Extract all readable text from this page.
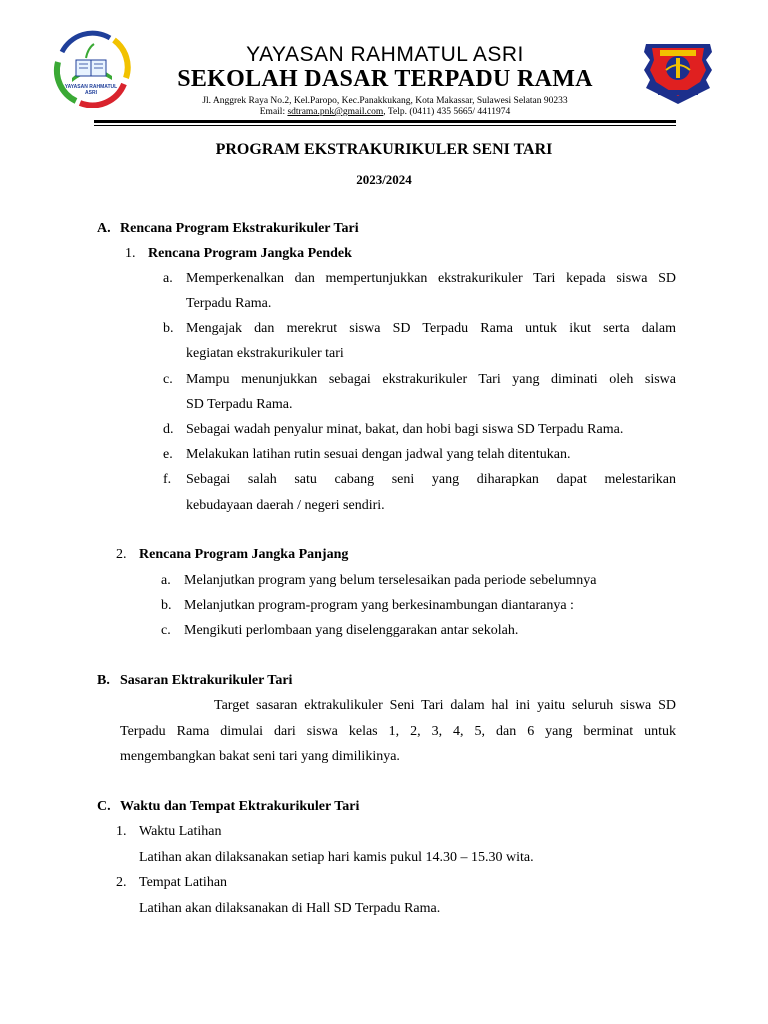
YAYASAN RAHMATUL
ASRI
YAYASAN RAHMATUL ASRI
SEKOLAH DASAR TERPADU RAMA
Jl. Anggrek Raya No.2, Kel.Paropo, Kec.Panakkukang, Kota Makassar, Sulawesi Selatan 90233
Email: sdtrama.pnk@gmail.com, Telp. (0411) 435 5665/ 4411974
PROGRAM EKSTRAKURIKULER SENI TARI
2023/2024
A. Rencana Program Ekstrakurikuler Tari
1. Rencana Program Jangka Pendek
a. Memperkenalkan dan mempertunjukkan ekstrakurikuler Tari kepada siswa SD
Terpadu Rama.
b. Mengajak dan merekrut siswa SD Terpadu Rama untuk ikut serta dalam
kegiatan ekstrakurikuler tari
c. Mampu menunjukkan sebagai ekstrakurikuler Tari yang diminati oleh siswa
SD Terpadu Rama.
d. Sebagai wadah penyalur minat, bakat, dan hobi bagi siswa SD Terpadu Rama.
e. Melakukan latihan rutin sesuai dengan jadwal yang telah ditentukan.
f. Sebagai salah satu cabang seni yang diharapkan dapat melestarikan
kebudayaan daerah / negeri sendiri.
2. Rencana Program Jangka Panjang
a. Melanjutkan program yang belum terselesaikan pada periode sebelumnya
b. Melanjutkan program-program yang berkesinambungan diantaranya :
c. Mengikuti perlombaan yang diselenggarakan antar sekolah.
B. Sasaran Ektrakurikuler Tari
Target sasaran ektrakulikuler Seni Tari dalam hal ini yaitu seluruh siswa SD
Terpadu Rama dimulai dari siswa kelas 1, 2, 3, 4, 5, dan 6 yang berminat untuk
mengembangkan bakat seni tari yang dimilikinya.
C. Waktu dan Tempat Ektrakurikuler Tari
1. Waktu Latihan
Latihan akan dilaksanakan setiap hari kamis pukul 14.30 – 15.30 wita.
2. Tempat Latihan
Latihan akan dilaksanakan di Hall SD Terpadu Rama.
